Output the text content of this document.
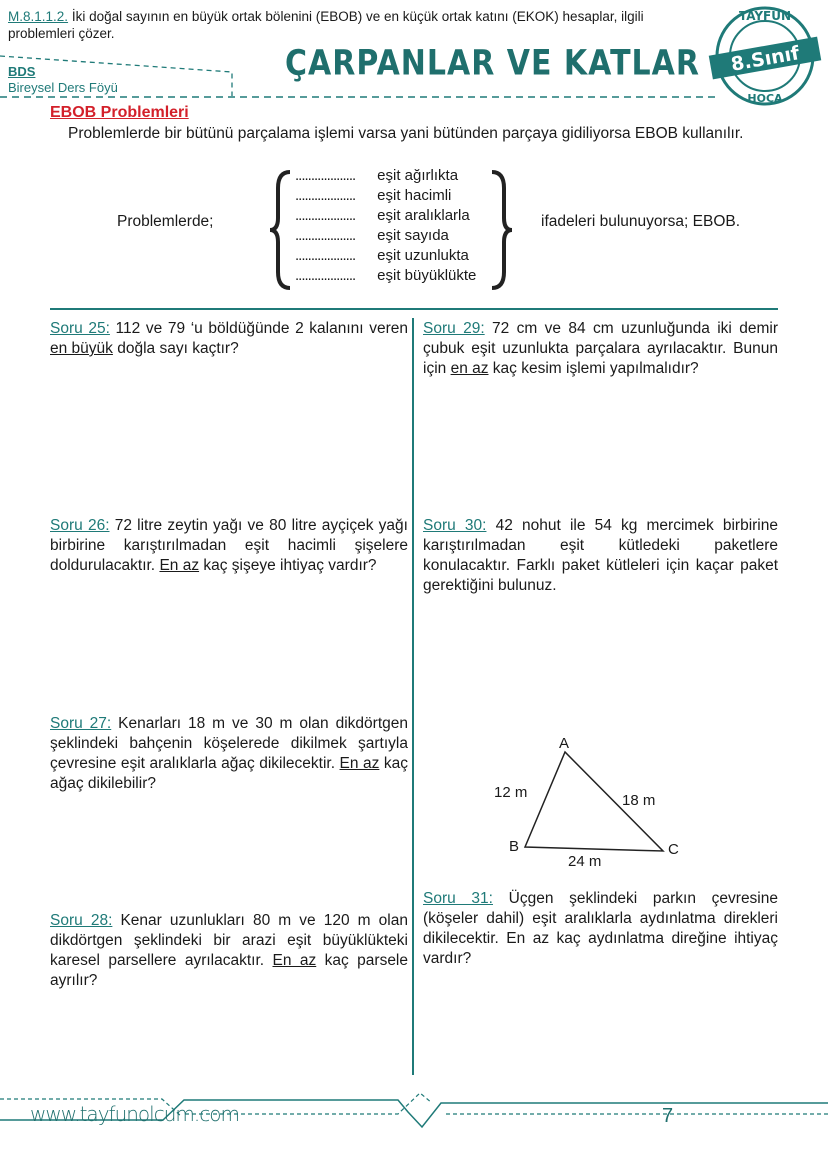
M.8.1.1.2. İki doğal sayının en büyük ortak bölenini (EBOB) ve en küçük ortak katını (EKOK) hesaplar, ilgili problemleri çözer.
BDS
Bireysel Ders Föyü
ÇARPANLAR VE KATLAR
TAYFUN
8.Sınıf
HOCA
EBOB Problemleri
Problemlerde bir bütünü parçalama işlemi varsa yani bütünden parçaya gidiliyorsa EBOB kullanılır.
Problemlerde;
................... eşit ağırlıkta
................... eşit hacimli
................... eşit aralıklarla
................... eşit sayıda
................... eşit uzunlukta
................... eşit büyüklükte
ifadeleri bulunuyorsa; EBOB.
Soru 25: 112 ve 79 ‘u böldüğünde 2 kalanını veren en büyük doğla sayı kaçtır?
Soru 26: 72 litre zeytin yağı ve 80 litre ayçiçek yağı birbirine karıştırılmadan eşit hacimli şişelere doldurulacaktır. En az kaç şişeye ihtiyaç vardır?
Soru 27: Kenarları 18 m ve 30 m olan dikdörtgen şeklindeki bahçenin köşelerede dikilmek şartıyla çevresine eşit aralıklarla ağaç dikilecektir. En az kaç ağaç dikilebilir?
Soru 28: Kenar uzunlukları 80 m ve 120 m olan dikdörtgen şeklindeki bir arazi eşit büyüklükteki karesel parsellere ayrılacaktır. En az kaç parsele ayrılır?
Soru 29: 72 cm ve 84 cm uzunluğunda iki demir çubuk eşit uzunlukta parçalara ayrılacaktır. Bunun için en az kaç kesim işlemi yapılmalıdır?
Soru 30: 42 nohut ile 54 kg mercimek birbirine karıştırılmadan eşit kütledeki paketlere konulacaktır. Farklı paket kütleleri için kaçar paket gerektiğini bulunuz.
Soru 31: Üçgen şeklindeki parkın çevresine (köşeler dahil) eşit aralıklarla aydınlatma direkleri dikilecektir. En az kaç aydınlatma direğine ihtiyaç vardır?
A
B	C
12 m	18 m
24 m
www.tayfunolcum.com	7
